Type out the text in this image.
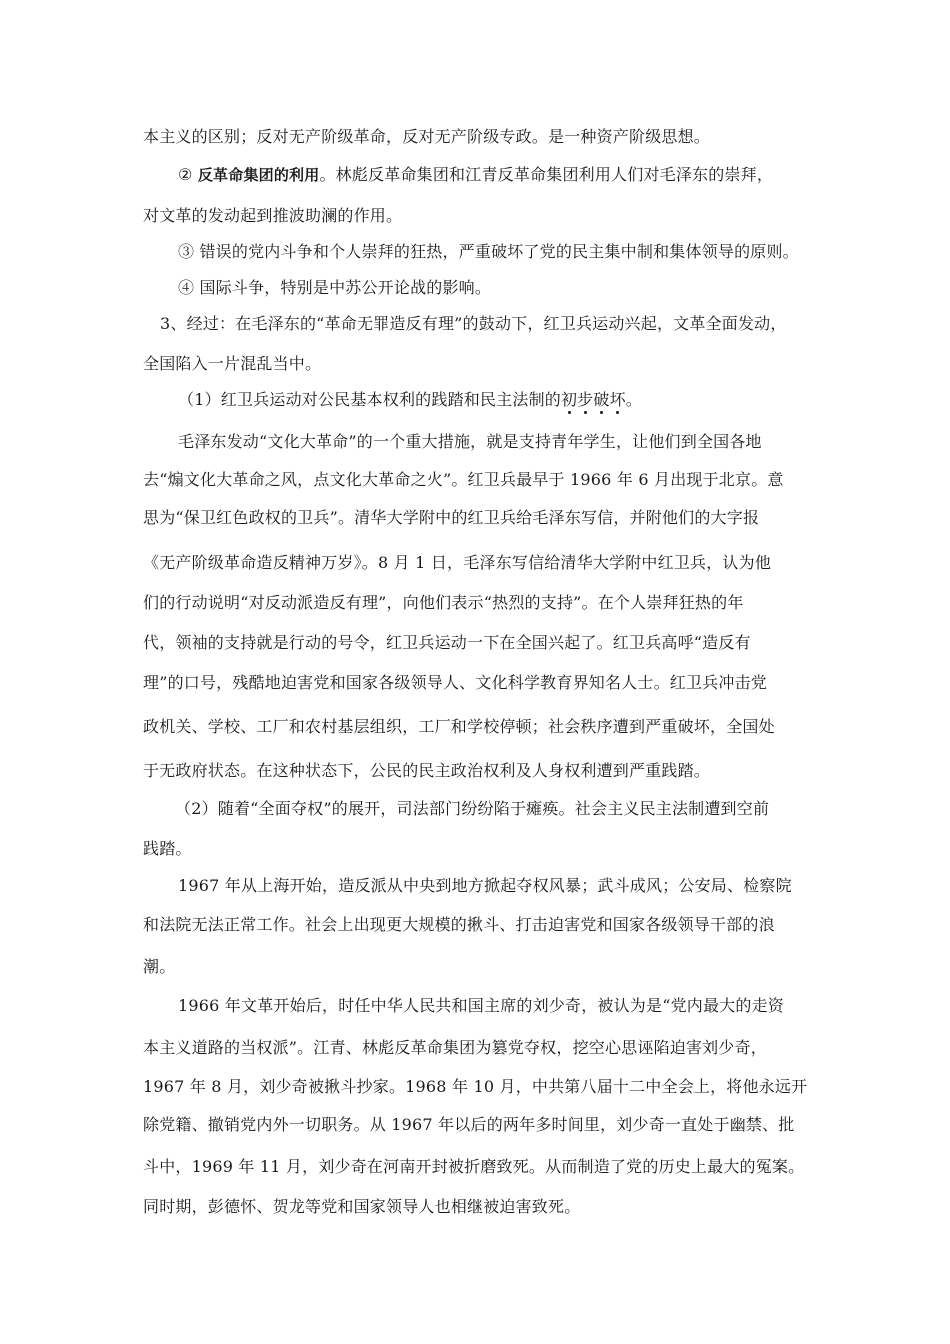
本主义的区别；反对无产阶级革命，反对无产阶级专政。是一种资产阶级思想。
② 反革命集团的利用。林彪反革命集团和江青反革命集团利用人们对毛泽东的崇拜，
对文革的发动起到推波助澜的作用。
③ 错误的党内斗争和个人崇拜的狂热，严重破坏了党的民主集中制和集体领导的原则。
④ 国际斗争，特别是中苏公开论战的影响。
3、经过：在毛泽东的“革命无罪造反有理”的鼓动下，红卫兵运动兴起，文革全面发动，
全国陷入一片混乱当中。
（1）红卫兵运动对公民基本权利的践踏和民主法制的初步破坏
。
毛泽东发动“文化大革命”的一个重大措施，就是支持青年学生，让他们到全国各地
去“煽文化大革命之风，点文化大革命之火”。红卫兵最早于 1966 年 6 月出现于北京。意
思为“保卫红色政权的卫兵”。清华大学附中的红卫兵给毛泽东写信，并附他们的大字报
《无产阶级革命造反精神万岁》。8 月 1 日，毛泽东写信给清华大学附中红卫兵，认为他
们的行动说明“对反动派造反有理”，向他们表示“热烈的支持”。在个人崇拜狂热的年
代，领袖的支持就是行动的号令，红卫兵运动一下在全国兴起了。红卫兵高呼“造反有
理”的口号，残酷地迫害党和国家各级领导人、文化科学教育界知名人士。红卫兵冲击党
政机关、学校、工厂和农村基层组织，工厂和学校停顿；社会秩序遭到严重破坏，全国处
于无政府状态。在这种状态下，公民的民主政治权利及人身权利遭到严重践踏。
（2）随着“全面夺权”的展开，司法部门纷纷陷于瘫痪。社会主义民主法制遭到空前
践踏。
1967 年从上海开始，造反派从中央到地方掀起夺权风暴；武斗成风；公安局、检察院
和法院无法正常工作。社会上出现更大规模的揪斗、打击迫害党和国家各级领导干部的浪
潮。
1966 年文革开始后，时任中华人民共和国主席的刘少奇，被认为是“党内最大的走资
本主义道路的当权派”。江青、林彪反革命集团为篡党夺权，挖空心思诬陷迫害刘少奇，
1967 年 8 月，刘少奇被揪斗抄家。1968 年 10 月，中共第八届十二中全会上，将他永远开
除党籍、撤销党内外一切职务。从 1967 年以后的两年多时间里，刘少奇一直处于幽禁、批
斗中，1969 年 11 月，刘少奇在河南开封被折磨致死。从而制造了党的历史上最大的冤案。
同时期，彭德怀、贺龙等党和国家领导人也相继被迫害致死。
